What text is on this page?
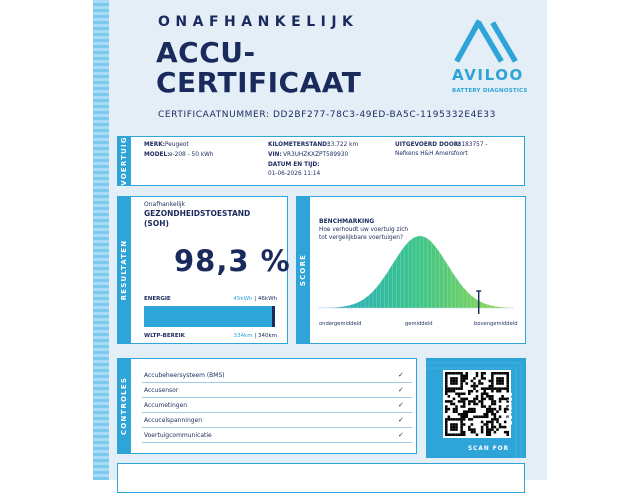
ONAFHANKELIJK
ACCU-
CERTIFICAAT
CERTIFICAATNUMMER: DD2BF277-78C3-49ED-BA5C-1195332E4E33
AVILOO
BATTERY DIAGNOSTICS
VOERTUIG	MERK: Peugeot
MODEL: e-208 - 50 kWh
KILOMETERSTAND:
33.722 km
VIN: VR3UHZKXZPT589930
DATUM EN TIJD:
01-06-2026 11:14
UITGEVOERD DOOR:
88183757 -
Nefkens H&H Amersfoort
RESULTATEN
Onafhankelijk
GEZONDHEIDSTOESTAND
(SOH)
98,3 %
ENERGIE	45kWh | 46kWh
WLTP-BEREIK	334km | 340km
SCORE
BENCHMARKING
Hoe verhoudt uw voertuig zich tot vergelijkbare voertuigen?
ondergemiddeld	gemiddeld	bovengemiddeld
CONTROLES
Accubeheersysteem (BMS)	✓
Accusensor	✓
Accumetingen	✓
Accucelspanningen	✓
Voertuigcommunicatie	✓
SCAN FOR
DETAILS
